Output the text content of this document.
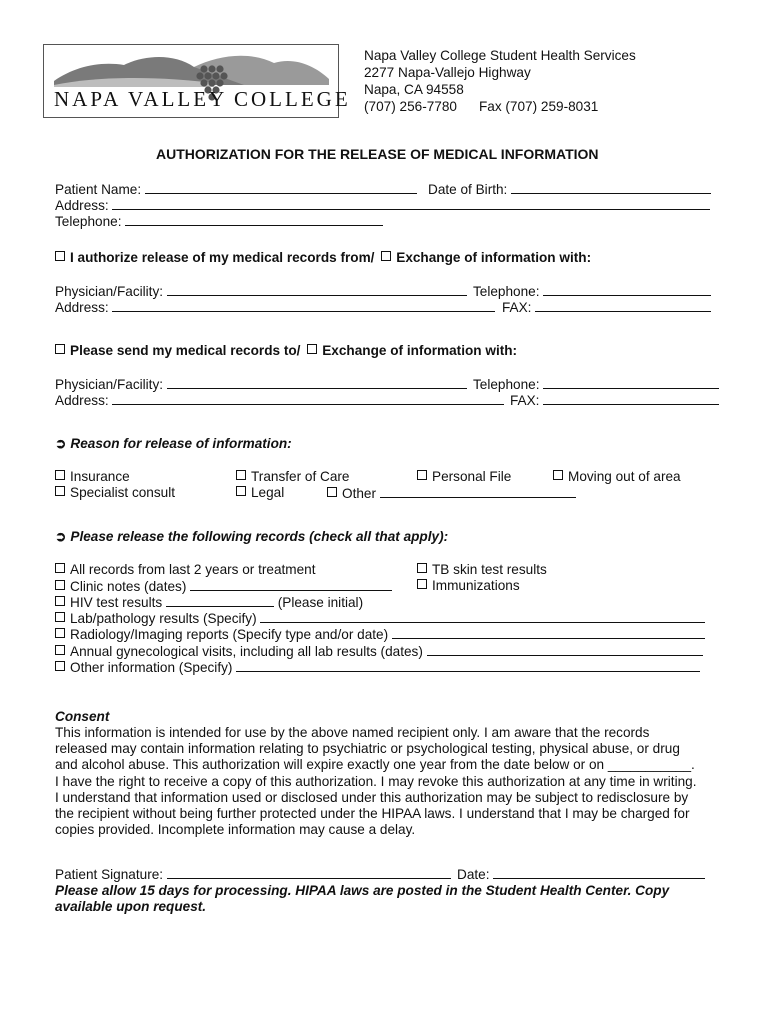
NAPA VALLEY COLLEGE
Napa Valley College Student Health Services
2277 Napa-Vallejo Highway
Napa, CA 94558
(707) 256-7780 Fax (707) 259-8031
AUTHORIZATION FOR THE RELEASE OF MEDICAL INFORMATION
Patient Name:	Date of Birth:
Address:
Telephone:
I authorize release of my medical records from/ Exchange of information with:
Physician/Facility:	Telephone:
Address:	FAX:
Please send my medical records to/ Exchange of information with:
Physician/Facility:	Telephone:
Address:	FAX:
➲ Reason for release of information:
Insurance	Transfer of Care	Personal File	Moving out of area
Specialist consult	Legal	Other
➲ Please release the following records (check all that apply):
All records from last 2 years or treatment	TB skin test results
Clinic notes (dates)	Immunizations
HIV test results	(Please initial)
Lab/pathology results (Specify)
Radiology/Imaging reports (Specify type and/or date)
Annual gynecological visits, including all lab results (dates)
Other information (Specify)
Consent
This information is intended for use by the above named recipient only. I am aware that the records
released may contain information relating to psychiatric or psychological testing, physical abuse, or drug
and alcohol abuse. This authorization will expire exactly one year from the date below or on ___________.
I have the right to receive a copy of this authorization. I may revoke this authorization at any time in writing.
I understand that information used or disclosed under this authorization may be subject to redisclosure by
the recipient without being further protected under the HIPAA laws. I understand that I may be charged for
copies provided. Incomplete information may cause a delay.
Patient Signature:	Date:
Please allow 15 days for processing. HIPAA laws are posted in the Student Health Center. Copy
available upon request.
